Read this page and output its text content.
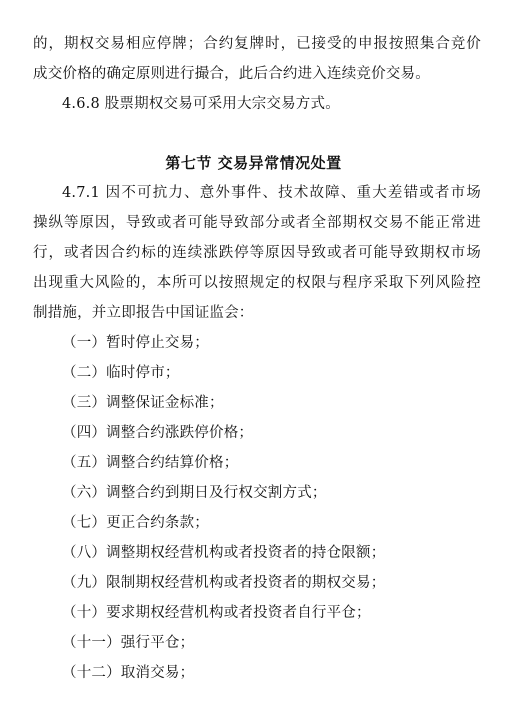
的，期权交易相应停牌；合约复牌时，已接受的申报按照集合竞价
成交价格的确定原则进行撮合，此后合约进入连续竞价交易。
4.6.8 股票期权交易可采用大宗交易方式。
第七节 交易异常情况处置
4.7.1 因不可抗力、意外事件、技术故障、重大差错或者市场
操纵等原因，导致或者可能导致部分或者全部期权交易不能正常进
行，或者因合约标的连续涨跌停等原因导致或者可能导致期权市场
出现重大风险的，本所可以按照规定的权限与程序采取下列风险控
制措施，并立即报告中国证监会：
（一）暂时停止交易；
（二）临时停市；
（三）调整保证金标准；
（四）调整合约涨跌停价格；
（五）调整合约结算价格；
（六）调整合约到期日及行权交割方式；
（七）更正合约条款；
（八）调整期权经营机构或者投资者的持仓限额；
（九）限制期权经营机构或者投资者的期权交易；
（十）要求期权经营机构或者投资者自行平仓；
（十一）强行平仓；
（十二）取消交易；
